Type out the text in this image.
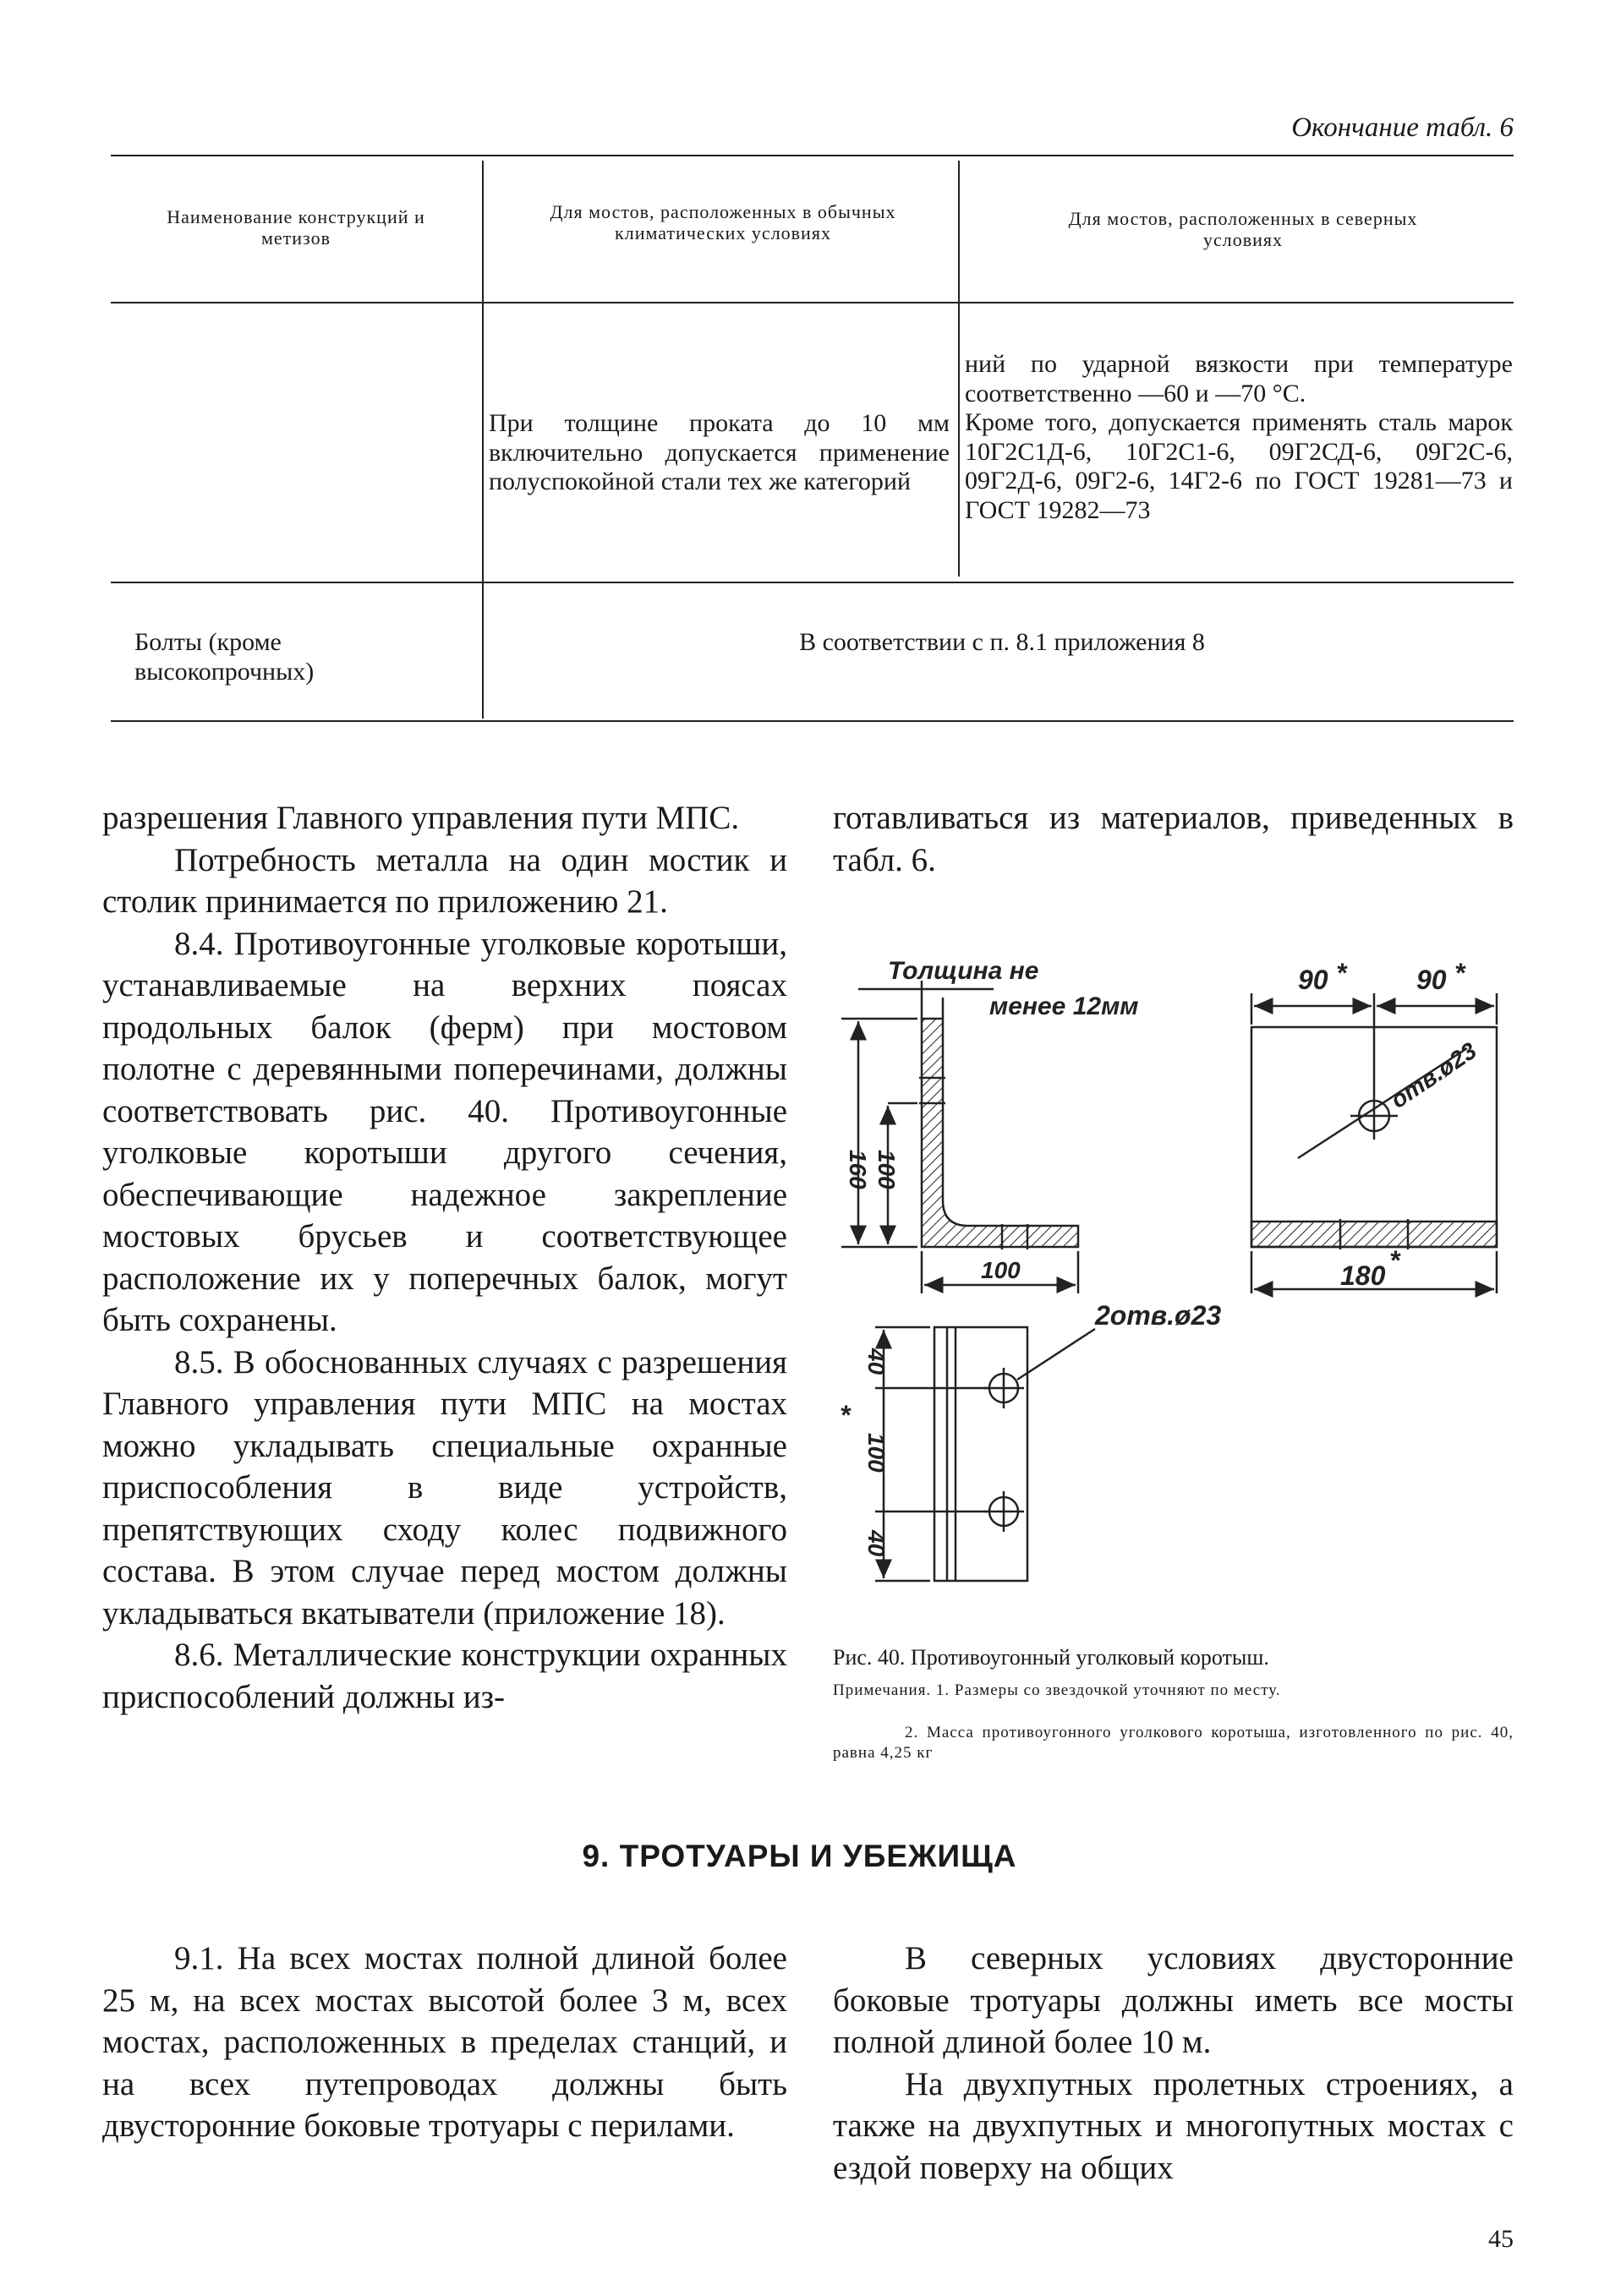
Окончание табл. 6
Наименование конструкций и метизов
Для мостов, расположенных в обычных климатических условиях
Для мостов, расположенных в северных условиях
При толщине проката до 10 мм включительно допускается применение полуспокойной стали тех же категорий
ний по ударной вязкости при температуре соответственно —60 и —70 °С.
Кроме того, допускается применять сталь марок 10Г2С1Д-6, 10Г2С1-6, 09Г2СД-6, 09Г2С-6, 09Г2Д-6, 09Г2-6, 14Г2-6 по ГОСТ 19281—73 и ГОСТ 19282—73
Болты (кроме высокопрочных)
В соответствии с п. 8.1 приложения 8

разрешения Главного управления пути МПС.

Потребность металла на один мостик и столик принимается по приложению 21.

8.4. Противоугонные уголковые коротыши, устанавливаемые на верхних поясах продольных балок (ферм) при мостовом полотне с деревянными поперечинами, должны соответствовать рис. 40. Противоугонные уголковые коротыши другого сечения, обеспечивающие надежное закрепление мостовых брусьев и соответствующее расположение их у поперечных балок, могут быть сохранены.

8.5. В обоснованных случаях с разрешения Главного управления пути МПС на мостах можно укладывать специальные охранные приспособления в виде устройств, препятствующих сходу колес подвижного состава. В этом случае перед мостом должны укладываться вкатыватели (приложение 18).

8.6. Металлические конструкции охранных приспособлений должны из-

готавливаться из материалов, приведенных в табл. 6.
Толщина не
менее 12мм
160 100
100
90 *	90 *
отв.ø23
180 *
2отв.ø23
40
100
*
40
Рис. 40. Противоугонный уголковый коротыш.
Примечания. 1. Размеры со звездочкой уточняют по месту.
2. Масса противоугонного уголкового коротыша, изготовленного по рис. 40, равна 4,25 кг
9. ТРОТУАРЫ И УБЕЖИЩА

9.1. На всех мостах полной длиной более 25 м, на всех мостах высотой более 3 м, всех мостах, расположенных в пределах станций, и на всех путепроводах должны быть двусторонние боковые тротуары с перилами.

В северных условиях двусторонние боковые тротуары должны иметь все мосты полной длиной более 10 м.

На двухпутных пролетных строениях, а также на двухпутных и многопутных мостах с ездой поверху на общих

45
